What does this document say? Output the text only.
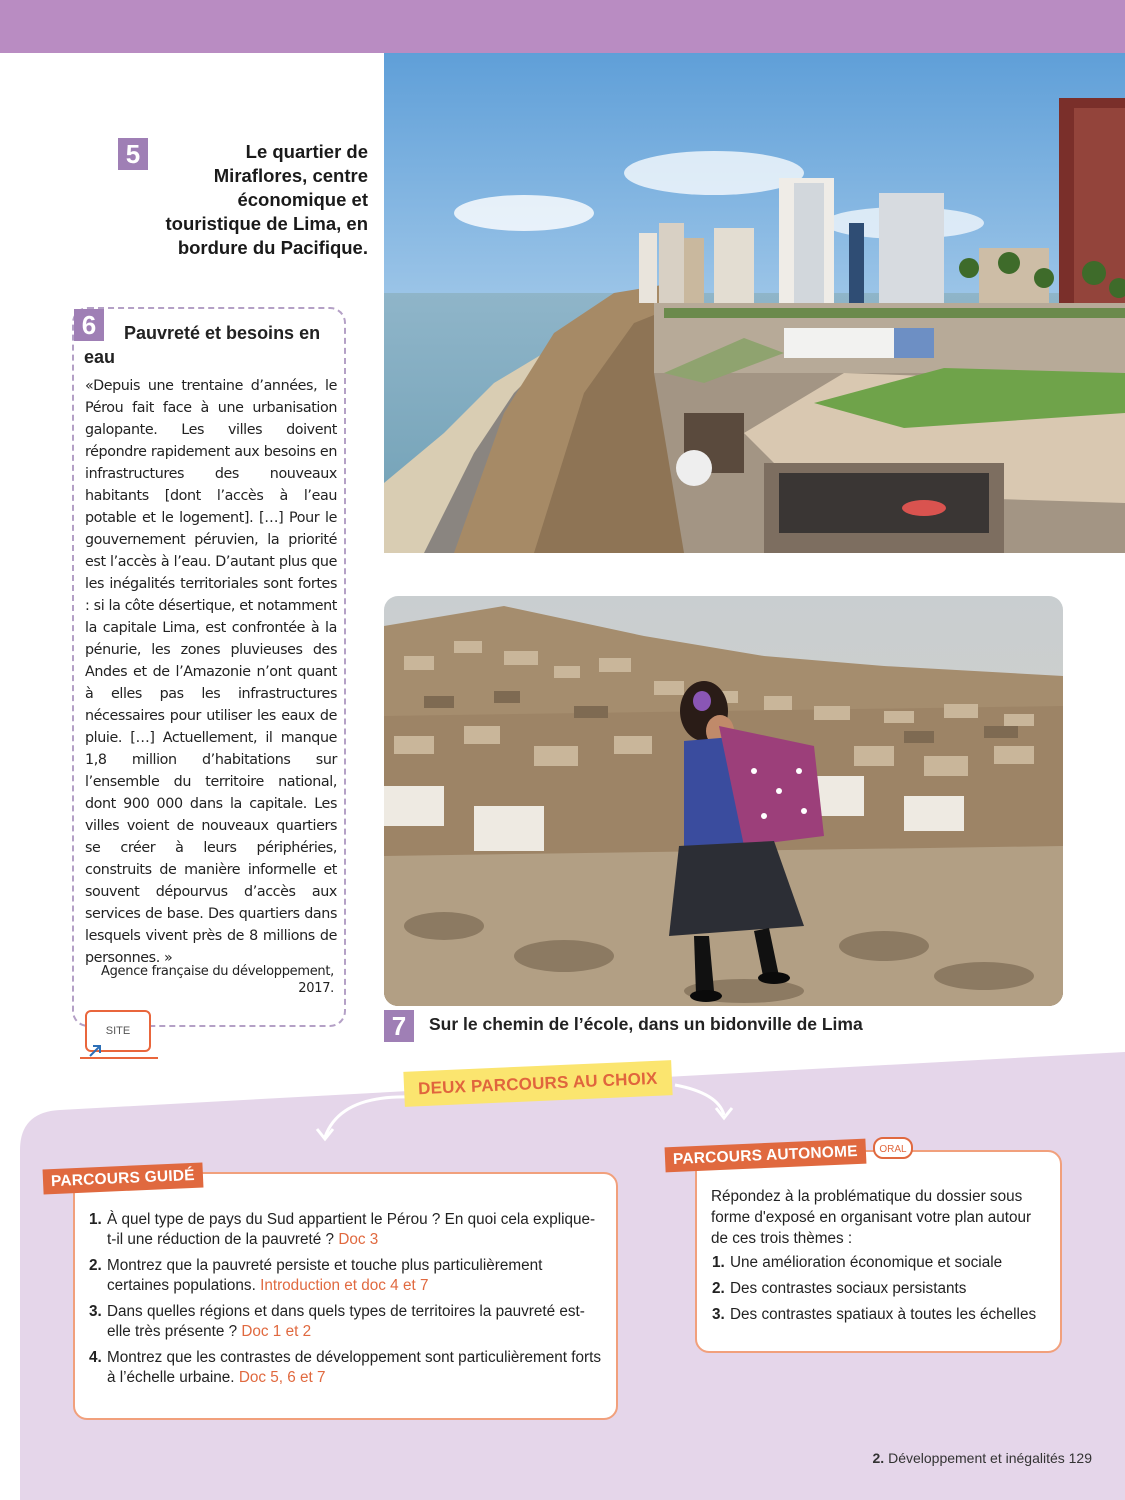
5	Le quartier de Miraflores, centre économique et touristique de Lima, en bordure du Pacifique.
6	Pauvreté et besoins en eau
«Depuis une trentaine d’années, le Pérou fait face à une urbanisation galopante. Les villes doivent répondre rapidement aux besoins en infrastructures des nouveaux habitants [dont l’accès à l’eau potable et le logement]. […] Pour le gouvernement péruvien, la priorité est l’accès à l’eau. D’autant plus que les inégalités territoriales sont fortes : si la côte désertique, et notamment la capitale Lima, est confrontée à la pénurie, les zones pluvieuses des Andes et de l’Amazonie n’ont quant à elles pas les infrastructures nécessaires pour utiliser les eaux de pluie. […] Actuellement, il manque 1,8 million d’habitations sur l’ensemble du territoire national, dont 900 000 dans la capitale. Les villes voient de nouveaux quartiers se créer à leurs périphéries, construits de manière informelle et souvent dépourvus d’accès aux services de base. Des quartiers dans lesquels vivent près de 8 millions de personnes. »
Agence française du développement,
2017.
SITE	7	Sur le chemin de l’école, dans un bidonville de Lima
DEUX PARCOURS AU CHOIX
PARCOURS GUIDÉ
1. À quel type de pays du Sud appartient le Pérou ? En quoi cela explique-t-il une réduction de la pauvreté ? Doc 3
2. Montrez que la pauvreté persiste et touche plus particulièrement certaines populations. Introduction et doc 4 et 7
3. Dans quelles régions et dans quels types de territoires la pauvreté est-elle très présente ? Doc 1 et 2
4. Montrez que les contrastes de développement sont particulièrement forts à l’échelle urbaine. Doc 5, 6 et 7
PARCOURS AUTONOME	ORAL
Répondez à la problématique du dossier sous forme d'exposé en organisant votre plan autour de ces trois thèmes :
1. Une amélioration économique et sociale
2. Des contrastes sociaux persistants
3. Des contrastes spatiaux à toutes les échelles
2. Développement et inégalités 129
